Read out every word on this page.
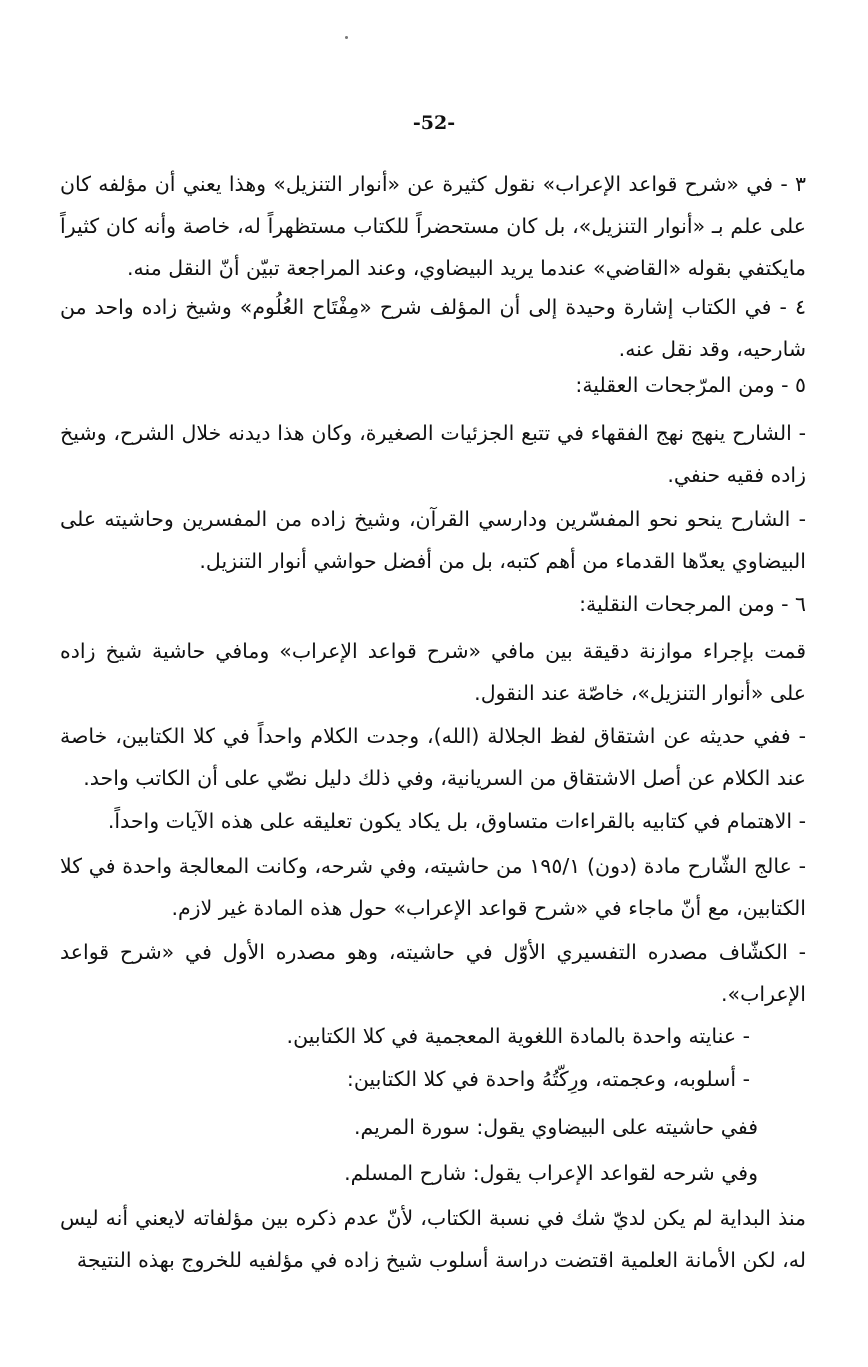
-52-

٣ - في «شرح قواعد الإعراب» نقول كثيرة عن «أنوار التنزيل» وهذا يعني أن مؤلفه كان على علم بـ «أنوار التنزيل»، بل كان مستحضراً للكتاب مستظهراً له، خاصة وأنه كان كثيراً مايكتفي بقوله «القاضي» عندما يريد البيضاوي، وعند المراجعة تبيّن أنّ النقل منه.

٤ - في الكتاب إشارة وحيدة إلى أن المؤلف شرح «مِفْتَاح العُلُوم» وشيخ زاده واحد من شارحيه، وقد نقل عنه.

٥ - ومن المرّجحات العقلية:

- الشارح ينهج نهج الفقهاء في تتبع الجزئيات الصغيرة، وكان هذا ديدنه خلال الشرح، وشيخ زاده فقيه حنفي.

- الشارح ينحو نحو المفسّرين ودارسي القرآن، وشيخ زاده من المفسرين وحاشيته على البيضاوي يعدّها القدماء من أهم كتبه، بل من أفضل حواشي أنوار التنزيل.

٦ - ومن المرجحات النقلية:

قمت بإجراء موازنة دقيقة بين مافي «شرح قواعد الإعراب» ومافي حاشية شيخ زاده على «أنوار التنزيل»، خاصّة عند النقول.

- ففي حديثه عن اشتقاق لفظ الجلالة (الله)، وجدت الكلام واحداً في كلا الكتابين، خاصة عند الكلام عن أصل الاشتقاق من السريانية، وفي ذلك دليل نصّي على أن الكاتب واحد.

- الاهتمام في كتابيه بالقراءات متساوق، بل يكاد يكون تعليقه على هذه الآيات واحداً.

- عالج الشّارح مادة (دون) ١٩٥/١ من حاشيته، وفي شرحه، وكانت المعالجة واحدة في كلا الكتابين، مع أنّ ماجاء في «شرح قواعد الإعراب» حول هذه المادة غير لازم.

- الكشّاف مصدره التفسيري الأوّل في حاشيته، وهو مصدره الأول في «شرح قواعد الإعراب».

- عنايته واحدة بالمادة اللغوية المعجمية في كلا الكتابين.

- أسلوبه، وعجمته، ورِكّتُهُ واحدة في كلا الكتابين:

ففي حاشيته على البيضاوي يقول: سورة المريم.

وفي شرحه لقواعد الإعراب يقول: شارح المسلم.

منذ البداية لم يكن لديّ شك في نسبة الكتاب، لأنّ عدم ذكره بين مؤلفاته لايعني أنه ليس له، لكن الأمانة العلمية اقتضت دراسة أسلوب شيخ زاده في مؤلفيه للخروج بهذه النتيجة
